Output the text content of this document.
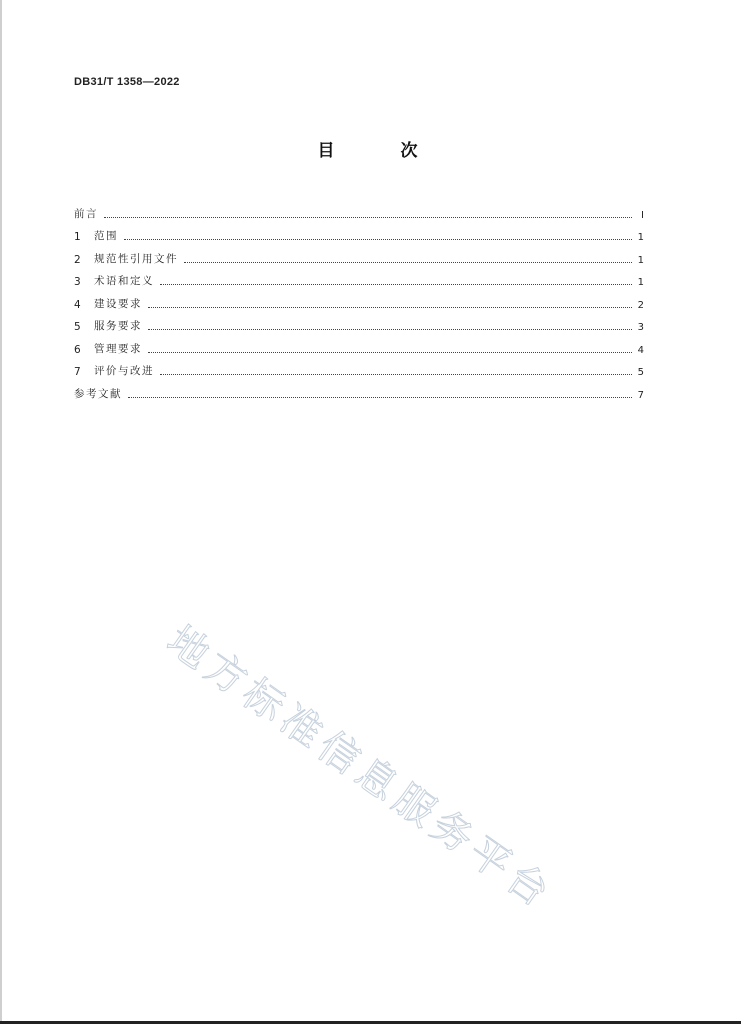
DB31/T 1358—2022
目 次
前言	Ⅰ
1	范围	1
2	规范性引用文件	1
3	术语和定义	1
4	建设要求	2
5	服务要求	3
6	管理要求	4
7	评价与改进	5
参考文献	7
地方标准信息服务平台
